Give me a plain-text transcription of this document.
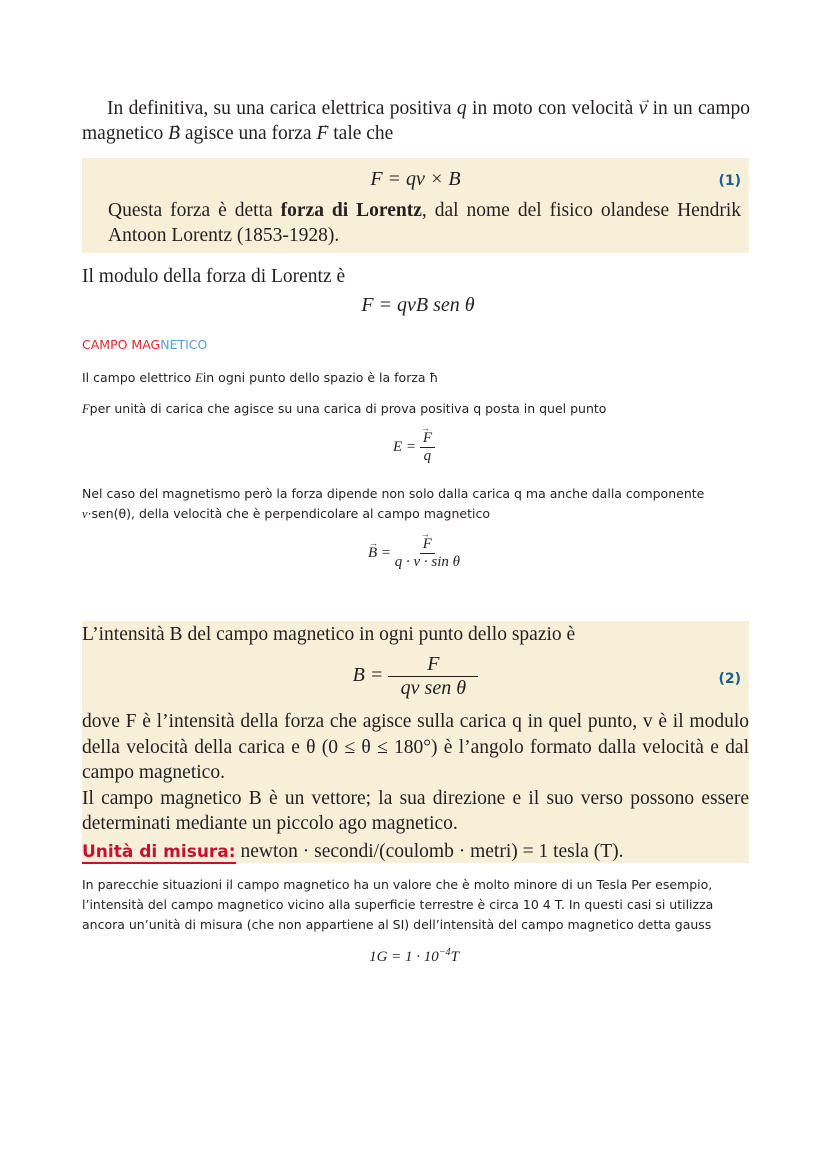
In definitiva, su una carica elettrica positiva q in moto con velocità → v in un campo magnetico → B agisce una forza → F tale che
F = qv × B	(1)
Questa forza è detta forza di Lorentz, dal nome del fisico olandese Hendrik Antoon Lorentz (1853-1928).
Il modulo della forza di Lorentz è
F = qvB sen θ
CAMPO MAGNETICO
Il campo elettrico Ein ogni punto dello spazio è la forza ħ
Fper unità di carica che agisce su una carica di prova positiva q posta in quel punto
E = → $\frac{F}{q}$
Nel caso del magnetismo però la forza dipende non solo dalla carica q ma anche dalla componente
v·sen(θ), della velocità che è perpendicolare al campo magnetico
→ B = → $\frac{F}{\text{q · v · sin θ}}$
L’intensità B del campo magnetico in ogni punto dello spazio è
$B = \frac{F}{\text{qv sen θ}}$	(2)
dove F è l’intensità della forza che agisce sulla carica q in quel punto, v è il modulo della velocità della carica e θ (0 ≤ θ ≤ 180°) è l’angolo formato dalla velocità e dal campo magnetico.
Il campo magnetico B è un vettore; la sua direzione e il suo verso possono essere determinati mediante un piccolo ago magnetico.
Unità di misura: newton · secondi/(coulomb · metri) = 1 tesla (T).
In parecchie situazioni il campo magnetico ha un valore che è molto minore di un Tesla Per esempio, l’intensità del campo magnetico vicino alla superficie terrestre è circa 10 4 T. In questi casi si utilizza ancora un’unità di misura (che non appartiene al SI) dell’intensità del campo magnetico detta gauss
$1G = 1 \cdot 10^{-4}T$
